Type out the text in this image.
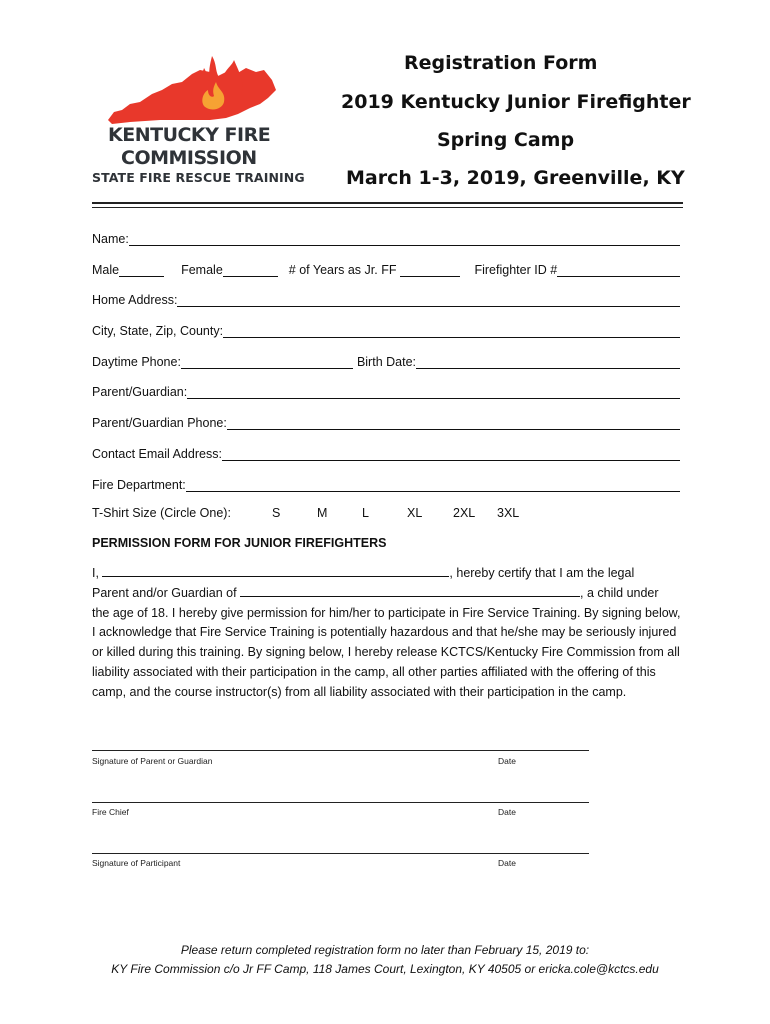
KENTUCKY FIRE
COMMISSION
STATE FIRE RESCUE TRAINING
Registration Form
2019 Kentucky Junior Firefighter
Spring Camp
March 1-3, 2019, Greenville, KY
Name:
Male	Female	# of Years as Jr. FF	Firefighter ID #
Home Address:
City, State, Zip, County:
Daytime Phone:	Birth Date:
Parent/Guardian:
Parent/Guardian Phone:
Contact Email Address:
Fire Department:
T-Shirt Size (Circle One):	S	M	L	XL 2XL 3XL
PERMISSION FORM FOR JUNIOR FIREFIGHTERS
I,	, hereby certify that I am the legal
Parent and/or Guardian of	, a child under
the age of 18. I hereby give permission for him/her to participate in Fire Service Training. By signing below, I acknowledge that Fire Service Training is potentially hazardous and that he/she may be seriously injured or killed during this training. By signing below, I hereby release KCTCS/Kentucky Fire Commission from all liability associated with their participation in the camp, all other parties affiliated with the offering of this camp, and the course instructor(s) from all liability associated with their participation in the camp.
Signature of Parent or Guardian	Date
Fire Chief	Date
Signature of Participant	Date
Please return completed registration form no later than February 15, 2019 to:
KY Fire Commission c/o Jr FF Camp, 118 James Court, Lexington, KY 40505 or ericka.cole@kctcs.edu
